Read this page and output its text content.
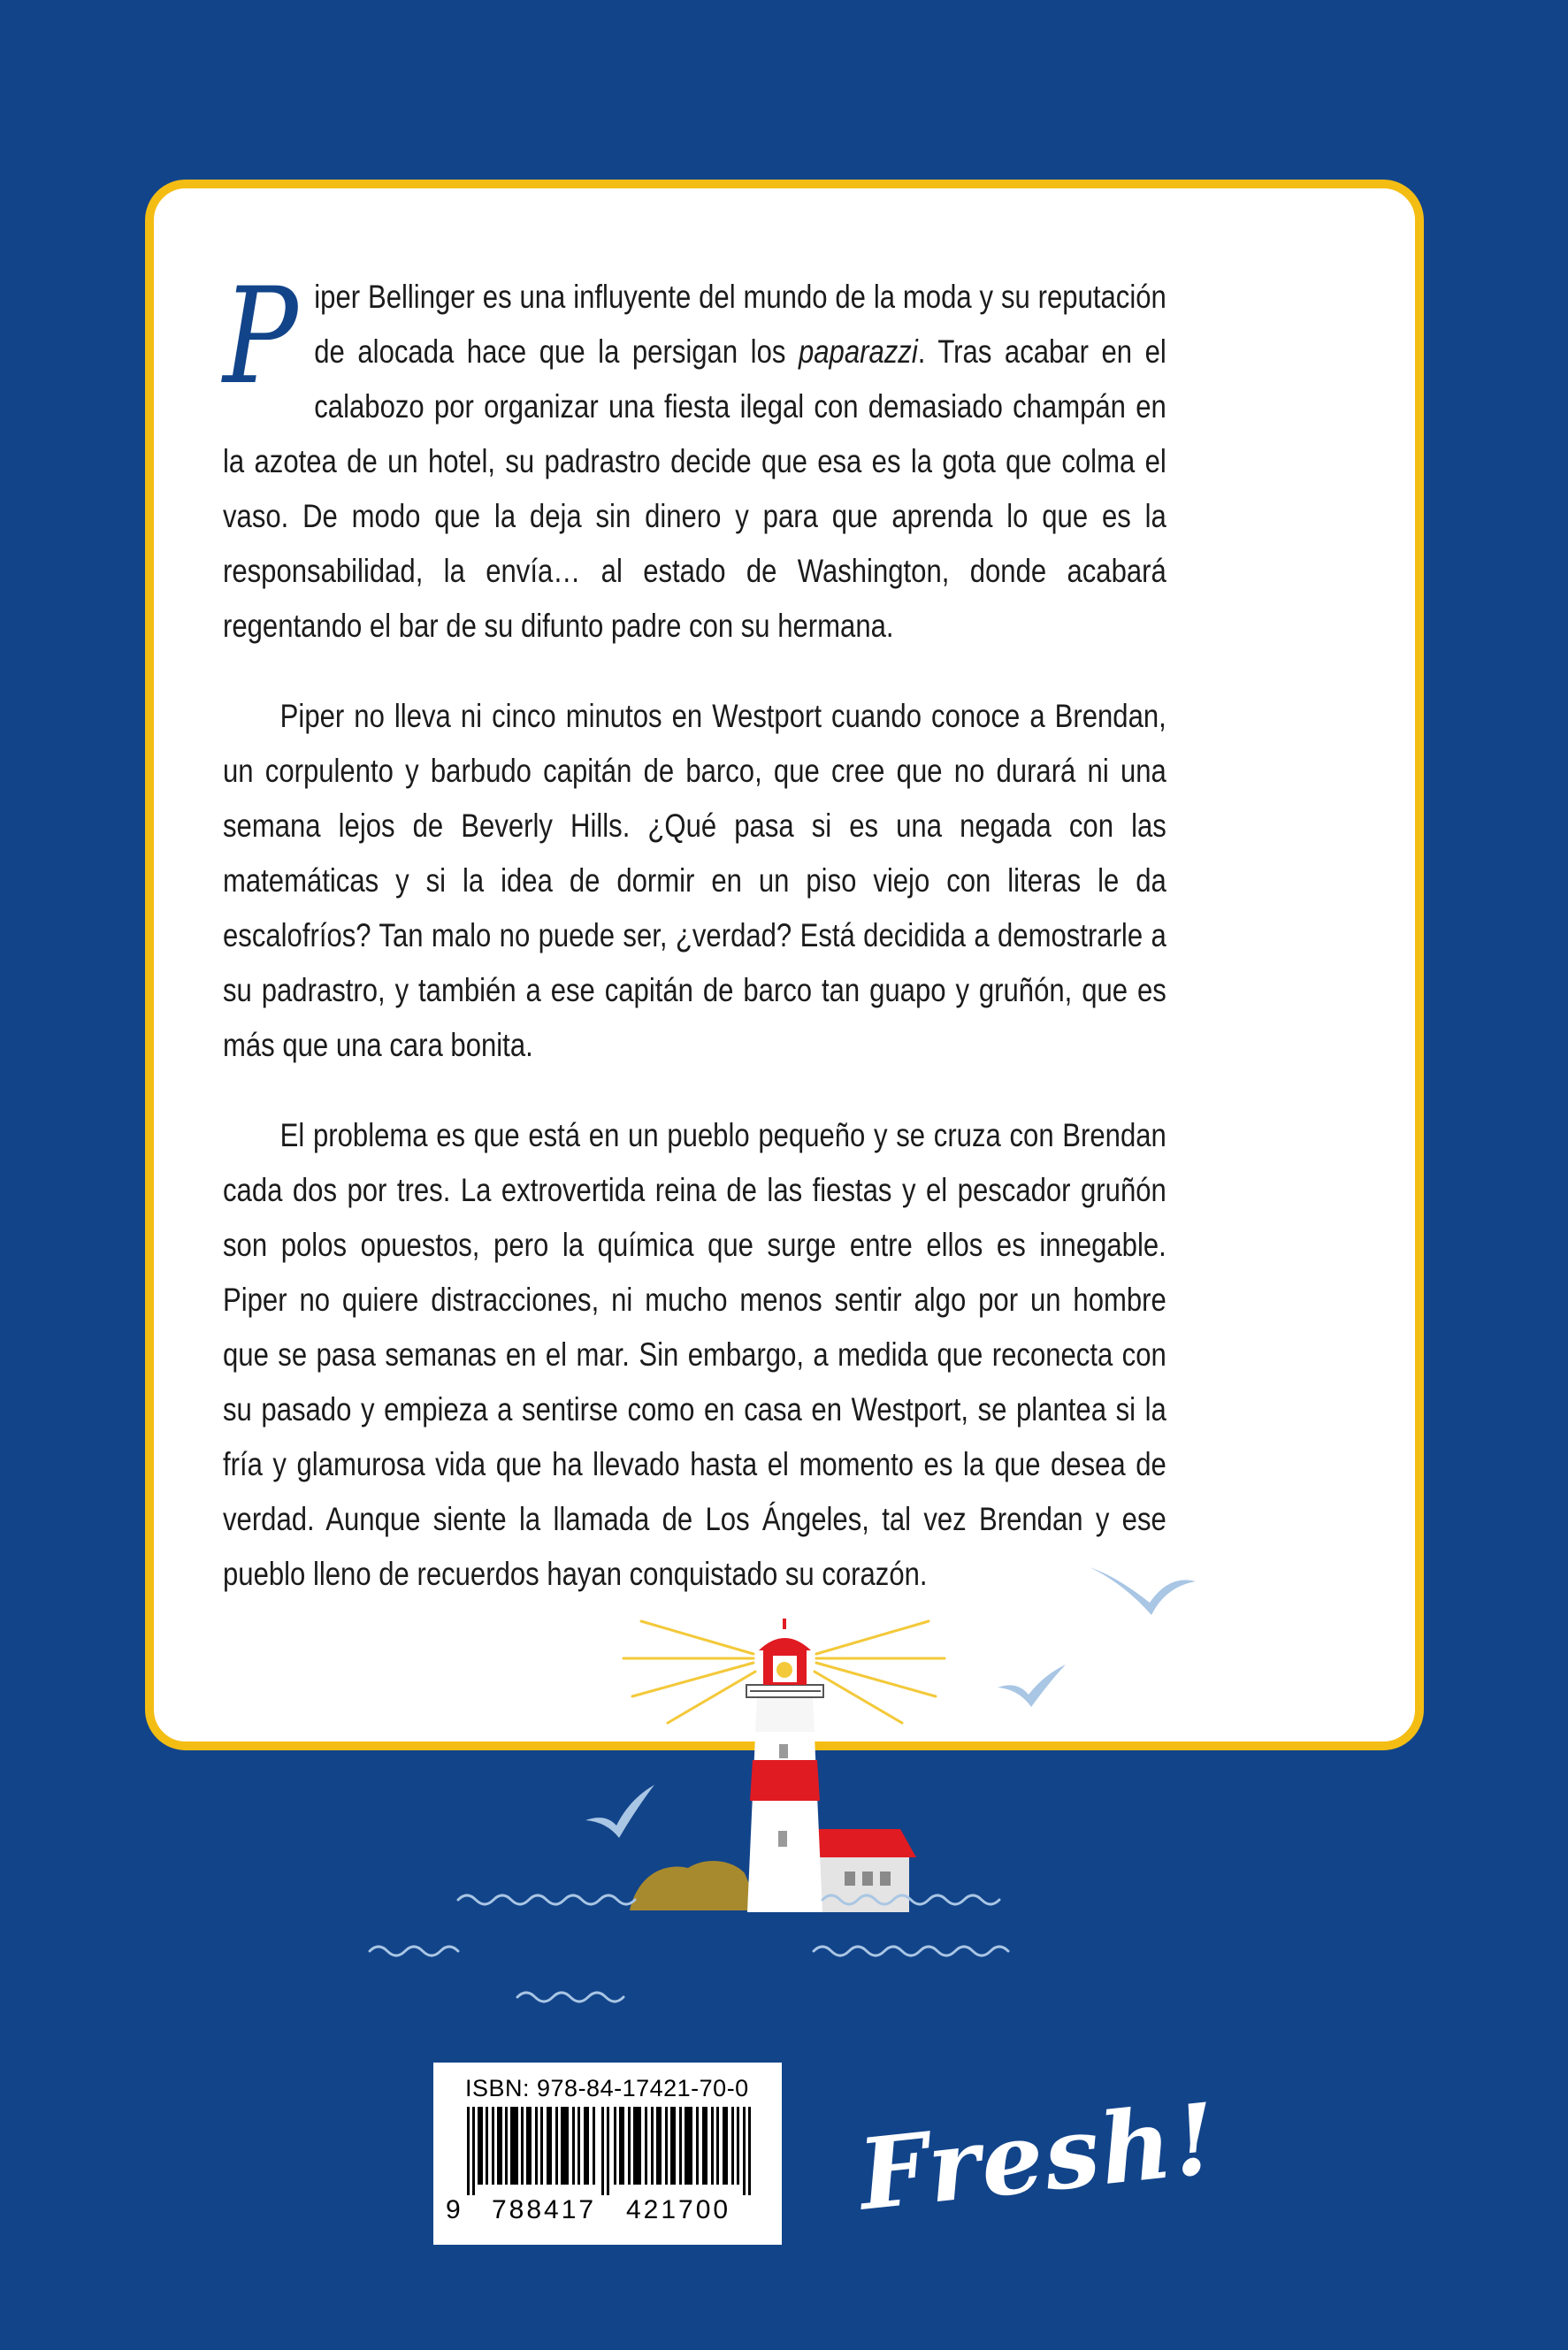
Piper Bellinger es una influyente del mundo de la moda y su reputación de alocada hace que la persigan los paparazzi. Tras acabar en el calabozo por organizar una fiesta ilegal con demasiado champán en la azotea de un hotel, su padrastro decide que esa es la gota que colma el vaso. De modo que la deja sin dinero y para que aprenda lo que es la responsabilidad, la envía… al estado de Washington, donde acabará regentando el bar de su difunto padre con su hermana.

Piper no lleva ni cinco minutos en Westport cuando conoce a Brendan, un corpulento y barbudo capitán de barco, que cree que no durará ni una semana lejos de Beverly Hills. ¿Qué pasa si es una negada con las matemáticas y si la idea de dormir en un piso viejo con literas le da escalofríos? Tan malo no puede ser, ¿verdad? Está decidida a demostrarle a su padrastro, y también a ese capitán de barco tan guapo y gruñón, que es más que una cara bonita.

El problema es que está en un pueblo pequeño y se cruza con Brendan cada dos por tres. La extrovertida reina de las fiestas y el pescador gruñón son polos opuestos, pero la química que surge entre ellos es innegable. Piper no quiere distracciones, ni mucho menos sentir algo por un hombre que se pasa semanas en el mar. Sin embargo, a medida que reconecta con su pasado y empieza a sentirse como en casa en Westport, se plantea si la fría y glamurosa vida que ha llevado hasta el momento es la que desea de verdad. Aunque siente la llamada de Los Ángeles, tal vez Brendan y ese pueblo lleno de recuerdos hayan conquistado su corazón.

ISBN: 978-84-17421-70-0
9 788417 421700 Fresh!
